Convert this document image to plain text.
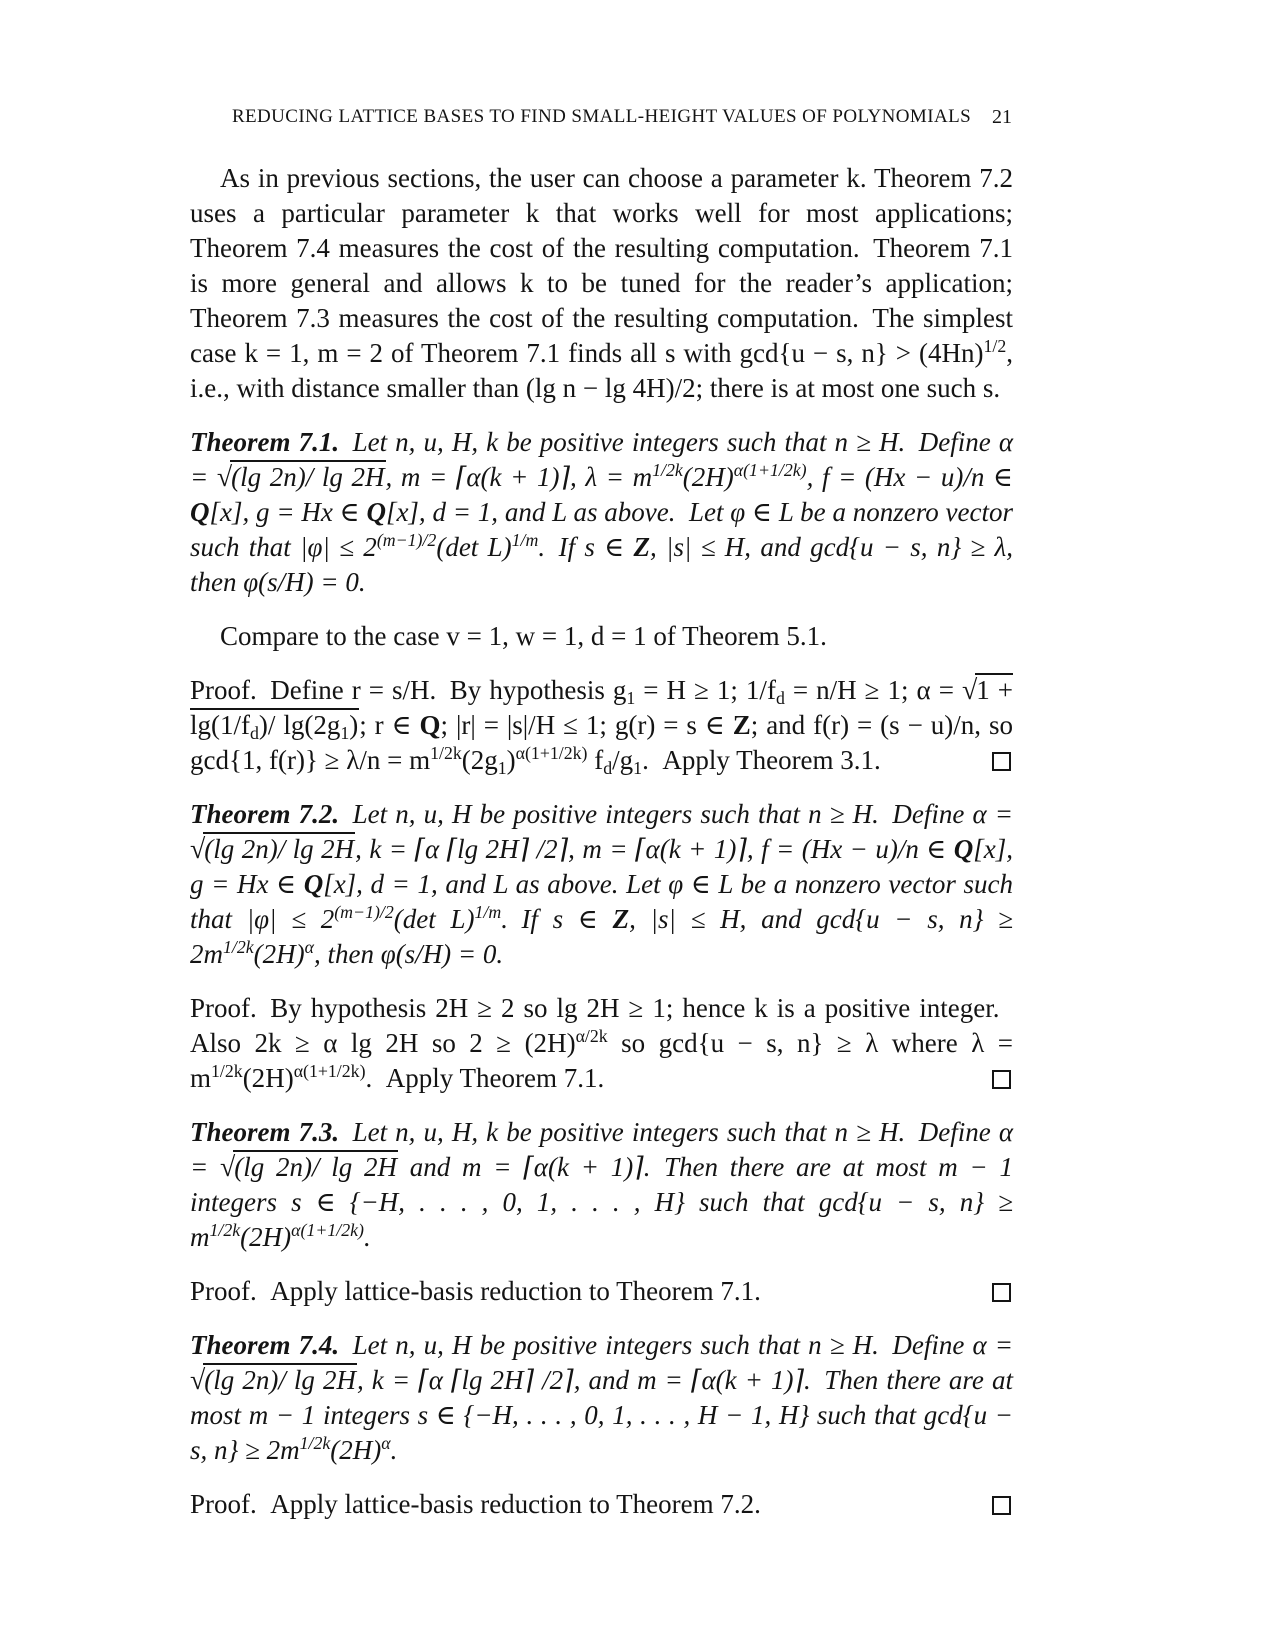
REDUCING LATTICE BASES TO FIND SMALL-HEIGHT VALUES OF POLYNOMIALS 21
As in previous sections, the user can choose a parameter k. Theorem 7.2 uses a particular parameter k that works well for most applications; Theorem 7.4 measures the cost of the resulting computation. Theorem 7.1 is more general and allows k to be tuned for the reader’s application; Theorem 7.3 measures the cost of the resulting computation. The simplest case k = 1, m = 2 of Theorem 7.1 finds all s with gcd{u − s, $n\} > (4Hn)^{1/2}$, i.e., with distance smaller than (lg n − lg 4H)/2; there is at most one such s.
Theorem 7.1. Let n, u, H, k be positive integers such that n ≥ H. Define α = √(lg 2n)/ lg 2H, m = ⌈α(k + 1)⌉, $\lambda = m^{1/2k}(2H)^{\alpha(1+1/2k)}$, f = (Hx − u)/n ∈ Q[x], g = Hx ∈ Q[x], d = 1, and L as above. Let φ ∈ L be a nonzero vector such that $|\varphi| \le 2^{(m-1)/2}(\det$ L)$^{1/m}$. If s ∈ Z, |s| ≤ H, and gcd{u − s, n} ≥ λ, then φ(s/H) = 0.
Compare to the case v = 1, w = 1, d = 1 of Theorem 5.1.
Proof. Define r = s/H. By hypothesis g1 = H ≥ 1; 1/fd = n/H ≥ 1; α = √1 + lg(1/fd)/ lg(2g1); r ∈ Q; |r| = |s|/H ≤ 1; g(r) = s ∈ Z; and f(r) = (s − u)/n, so gcd{1, $f(r)\} \ge \lambda/n = m^{1/2k}(2g1)^{\alpha(1+1/2k)}$ fd/g1. Apply Theorem 3.1.
Theorem 7.2. Let n, u, H be positive integers such that n ≥ H. Define α = √(lg 2n)/ lg 2H, k = ⌈α ⌈lg 2H⌉ /2⌉, m = ⌈α(k + 1)⌉, f = (Hx − u)/n ∈ Q[x], g = Hx ∈ Q[x], d = 1, and L as above. Let φ ∈ L be a nonzero vector such that $|\varphi| \le 2^{(m-1)/2}(\det$ L)$^{1/m}$. If s ∈ Z, |s| ≤ H, and gcd{u − s, $n\} \ge 2m^{1/2k}(2H)^\alpha$, then φ(s/H) = 0.
Proof. By hypothesis 2H ≥ 2 so lg 2H ≥ 1; hence k is a positive integer. Also 2k ≥ α lg 2H so $2 \ge (2H)^{\alpha/2k}$ so gcd{u − s, n} ≥ λ where $\lambda = m^{1/2k}(2H)^{\alpha(1+1/2k)}$. Apply Theorem 7.1.
Theorem 7.3. Let n, u, H, k be positive integers such that n ≥ H. Define α = √(lg 2n)/ lg 2H and m = ⌈α(k + 1)⌉. Then there are at most m − 1 integers s ∈ {−H, . . . , 0, 1, . . . , H} such that gcd{u − s, $n\} \ge m^{1/2k}(2H)^{\alpha(1+1/2k)}$.
Proof. Apply lattice-basis reduction to Theorem 7.1.
Theorem 7.4. Let n, u, H be positive integers such that n ≥ H. Define α = √(lg 2n)/ lg 2H, k = ⌈α ⌈lg 2H⌉ /2⌉, and m = ⌈α(k + 1)⌉. Then there are at most m − 1 integers s ∈ {−H, . . . , 0, 1, . . . , H − 1, H} such that gcd{u − s, $n\} \ge 2m^{1/2k}(2H)^\alpha$.
Proof. Apply lattice-basis reduction to Theorem 7.2.
